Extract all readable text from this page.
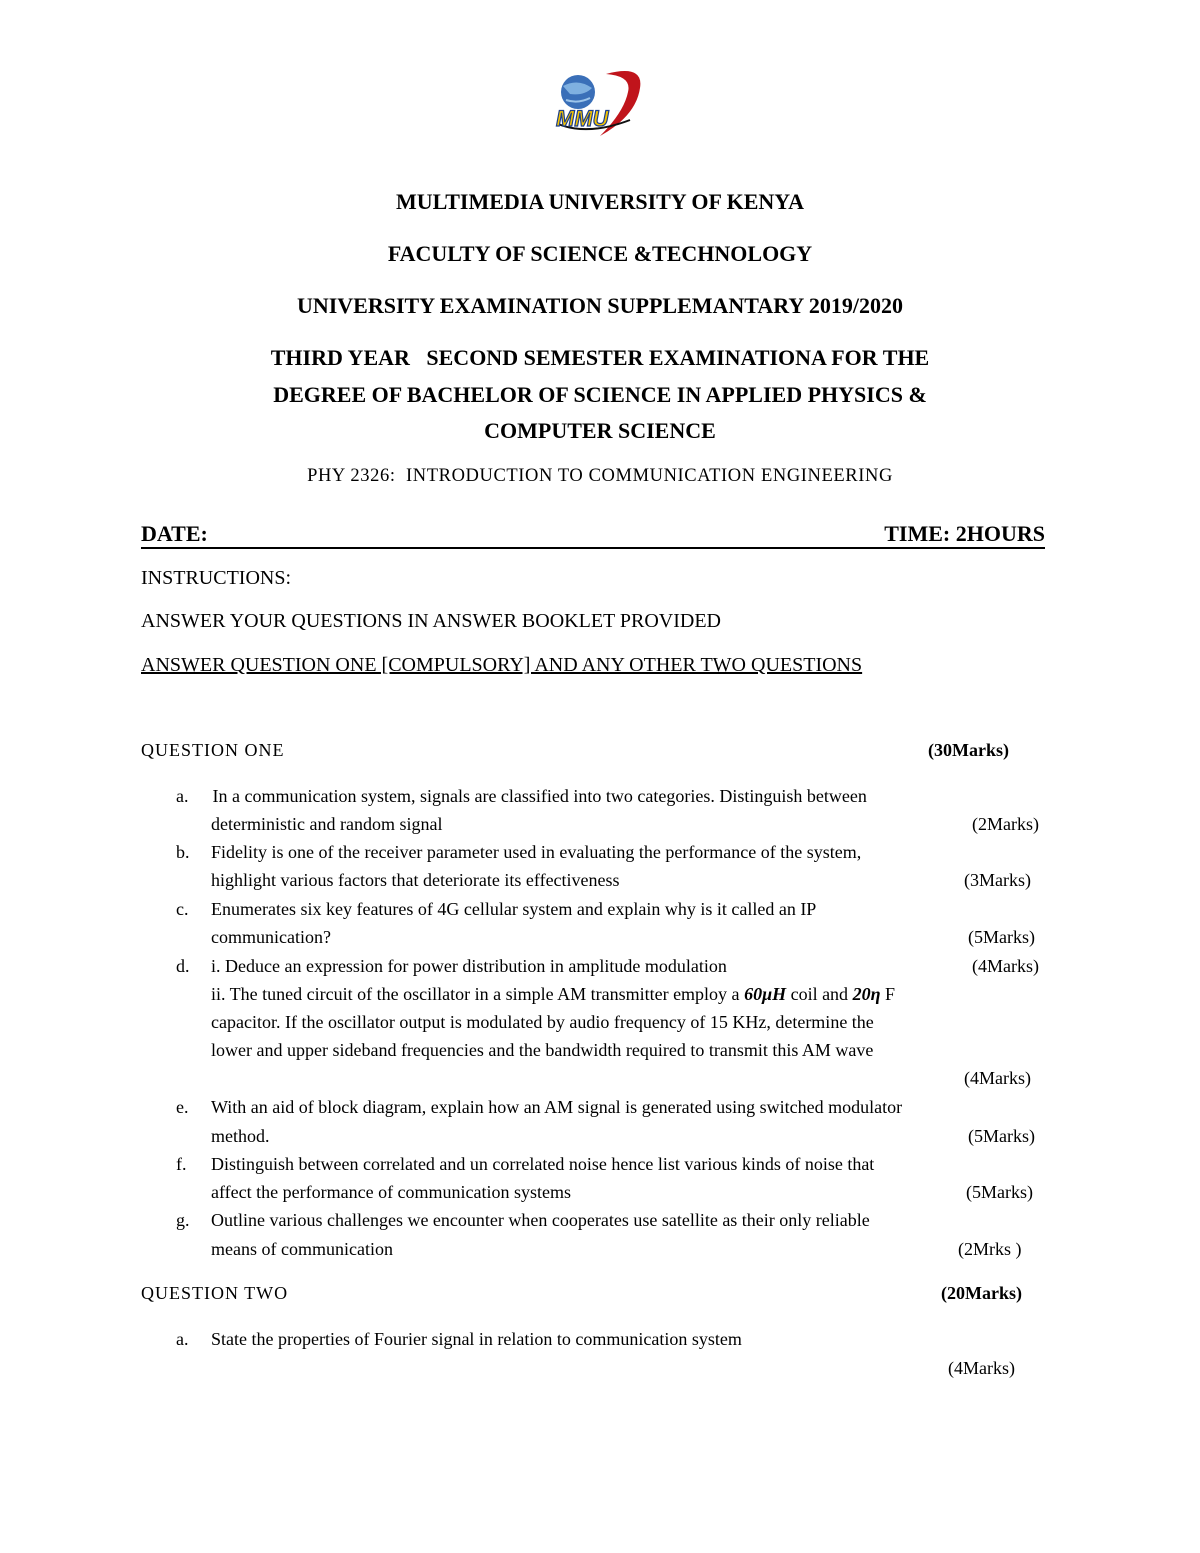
MMU
MULTIMEDIA UNIVERSITY OF KENYA
FACULTY OF SCIENCE &TECHNOLOGY
UNIVERSITY EXAMINATION SUPPLEMANTARY 2019/2020
THIRD YEAR   SECOND SEMESTER EXAMINATIONA FOR THE
DEGREE OF BACHELOR OF SCIENCE IN APPLIED PHYSICS &
COMPUTER SCIENCE
PHY 2326:  INTRODUCTION TO COMMUNICATION ENGINEERING
DATE:	TIME: 2HOURS
INSTRUCTIONS:
ANSWER YOUR QUESTIONS IN ANSWER BOOKLET PROVIDED
ANSWER QUESTION ONE [COMPULSORY] AND ANY OTHER TWO QUESTIONS
QUESTION ONE	(30Marks)
a. In a communication system, signals are classified into two categories. Distinguish between
deterministic and random signal	(2Marks)
b. Fidelity is one of the receiver parameter used in evaluating the performance of the system,
highlight various factors that deteriorate its effectiveness	(3Marks)
c. Enumerates six key features of 4G cellular system and explain why is it called an IP
communication?	(5Marks)
d. i. Deduce an expression for power distribution in amplitude modulation	(4Marks)
ii. The tuned circuit of the oscillator in a simple AM transmitter employ a 60μH coil and 20η F
capacitor. If the oscillator output is modulated by audio frequency of 15 KHz, determine the
lower and upper sideband frequencies and the bandwidth required to transmit this AM wave
(4Marks)
e. With an aid of block diagram, explain how an AM signal is generated using switched modulator
method.	(5Marks)
f. Distinguish between correlated and un correlated noise hence list various kinds of noise that
affect the performance of communication systems	(5Marks)
g. Outline various challenges we encounter when cooperates use satellite as their only reliable
means of communication	(2Mrks )
QUESTION TWO	(20Marks)
a. State the properties of Fourier signal in relation to communication system
(4Marks)
